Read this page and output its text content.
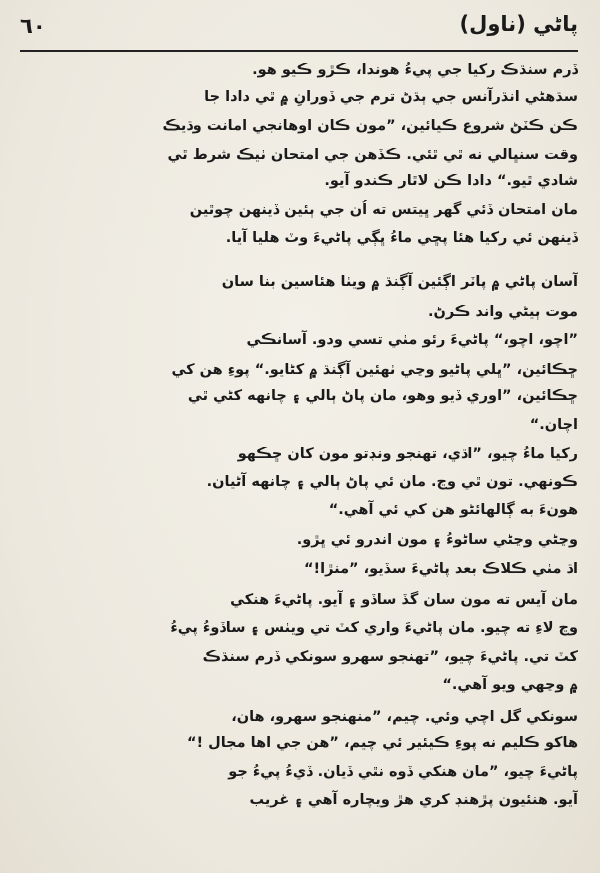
٦٠	پاڻي (ناول)
ڏرم سنڌڪ رکيا جي پيءُ هوندا، ڪڙو ڪيو هو.
سڌهڻي انڌرآنس جي ٻڌڻ ترم جي ڏورانِ ۾ ٿي دادا جا
ڪن ڪٽڻ شروع ڪيائين، ”مون ڪان اوهانجي امانت وڌيڪ
وقت سنڀالي نه ٿي ٿئي. ڪڏهن جي امتحان ٺيڪ شرط ٿي
شادي ٿيو.“ دادا ڪن لاٿار ڪندو آيو.
مان امتحان ڏئي گهر ڀيتس ته اُن جي ٻئين ڏينهن چوٿين
ڏينهن ئي رکيا هئا پڇي ماءُ ڀڳي پاڻيءَ وٽ هليا آيا.
آسان پاڻي ۾ پاٽر اڳئين آڳنڌ ۾ ويٺا هئاسين بنا سان
موت ٻيڻي واند ڪرڻ.
”اچو، اچو،“ پاڻيءَ رئو مٺي تسي ودو. آسانڪي
ڇڪائين، ”ڀلي پاڻيو وڃي ٺهئين آڳنڌ ۾ کڻايو.“ پوءِ هن کي
ڇڪائين، ”اوري ڏيو وهو، مان پاڻ ٻالي ۽ چانهه کڻي ٿي
اچان.“
رکيا ماءُ چيو، ”اڌي، تهنجو ونڊتو مون کان ڇڪهو
ڪونهي. تون ٿي وڃ. مان ئي پاڻ ٻالي ۽ چانهه آڻيان.
هونءَ به ڳالهائڻو هن کي ئي آهي.“
وڃڻي وڃڻي ساڻوءُ ۽ مون اندرو ئي ڀڙو.
اڌ مٺي ڪلاڪ بعد پاڻيءَ سڏيو، ”منڙا!“
مان آيس ته مون سان گڏ ساڏو ۽ آيو. پاڻيءَ هنکي
وڃ لاءِ ته چيو. مان پاڻيءَ واري کٽ تي ويٺس ۽ ساڏوءُ پيءُ
کٽ تي. پاڻيءَ چيو، ”تهنجو سهرو سونکي ڏرم سنڌڪ
۾ وڃهي ويو آهي.“
سونکي گل اچي وئي. چيم، ”منهنجو سهرو، هان،
هاکو ڪليم نه پوءِ ڪيئير ئي چيم، ”هن جي اها مجال !“
پاڻيءَ چيو، ”مان هنکي ڏوه نٿي ڏيان. ڏيءُ پيءُ جو
آيو. هنئيون پڙهنڊ کري هڙ ويچاره آهي ۽ غريب
